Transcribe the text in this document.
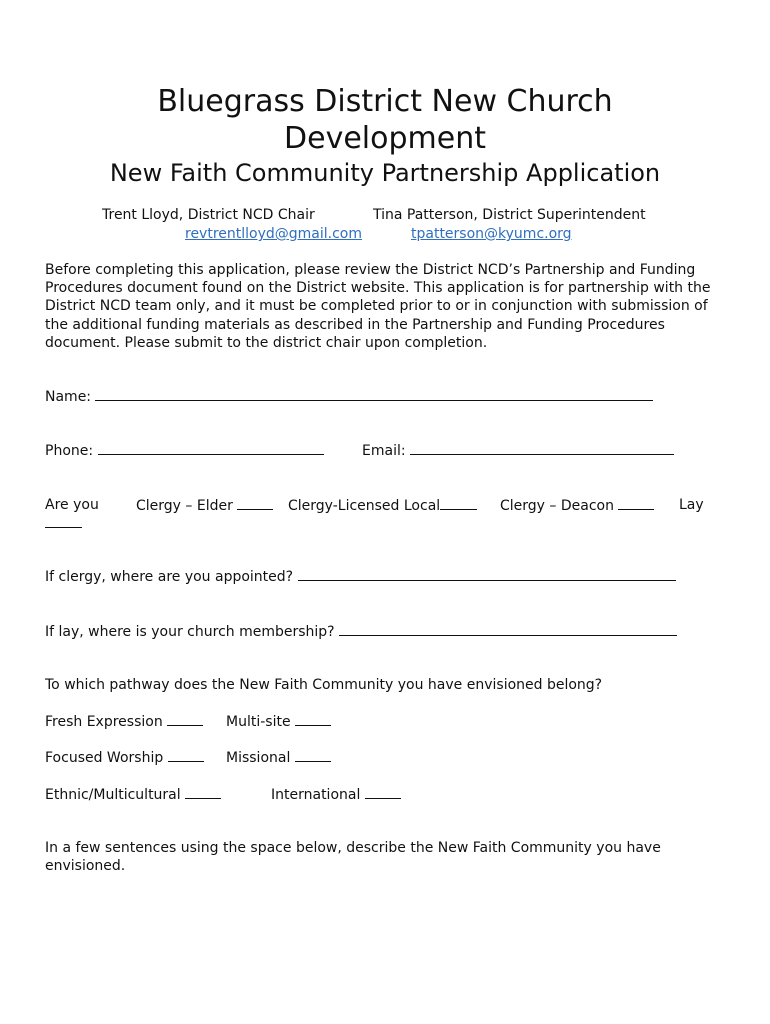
Bluegrass District New Church
Development
New Faith Community Partnership Application
Trent Lloyd, District NCD Chair	Tina Patterson, District Superintendent
revtrentlloyd@gmail.com	tpatterson@kyumc.org
Before completing this application, please review the District NCD’s Partnership and Funding Procedures document found on the District website. This application is for partnership with the District NCD team only, and it must be completed prior to or in conjunction with submission of the additional funding materials as described in the Partnership and Funding Procedures document. Please submit to the district chair upon completion.
Name:
Phone:	Email:
Are you	Clergy – Elder	Clergy-Licensed Local	Clergy – Deacon	Lay
If clergy, where are you appointed?
If lay, where is your church membership?
To which pathway does the New Faith Community you have envisioned belong?
Fresh Expression	Multi-site
Focused Worship	Missional
Ethnic/Multicultural	International
In a few sentences using the space below, describe the New Faith Community you have envisioned.
